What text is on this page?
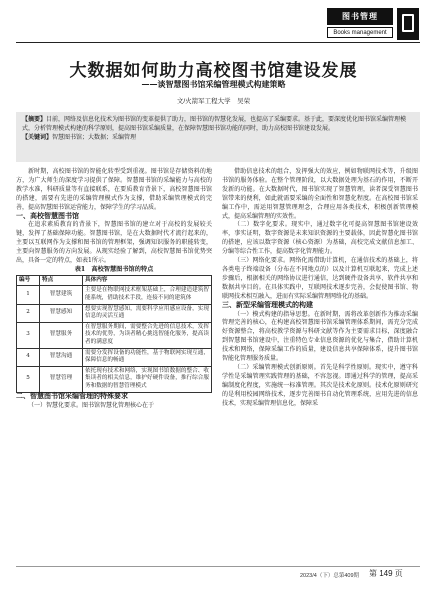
图书管理
Books management
大数据如何助力高校图书馆建设发展
——谈智慧图书馆采编管理模式构建策略
文/火箭军工程大学　吴荣
【摘要】目前，网络及信息化技术为图书馆的变革提供了助力，图书馆的智慧化发展，也提高了采编要求。基于此，要深度优化图书馆采编管理模式，分析管理模式构建的科学原则，提高图书馆采编质量，在保障智慧图书馆功能的同时，助力高校图书馆建设发展。
【关键词】智慧图书馆；大数据；采编管理

新时期，高校图书馆的智能化转型受到重视。图书馆是存储资料的地方，为广大师生的深度学习提供了保障。智慧图书馆的采编能力与高校的教学水准，科研质量等有直接联系，在要质教育背景下，高校智慧图书馆的搭建，需要有先进的采编管理模式作为支撑，借助采编管理模式的完善，提高智慧图书馆运营能力，保障学生的学习品质。

一、高校智慧图书馆

在追求素质教育的背景下，智慧图书馆的建立对于高校的发展较关键，发挥了基础保障功能。智慧图书馆，是在大数据时代才流行起来的，主要以互联网作为支撑和图书馆的管理框架，强调知识服务的职能转变，主要向智慧服务的方向发展。从现实经验了解到，高校智慧图书馆优势突出，具备一定的特点，如表1所示。

表1　高校智慧图书馆的特点

编号	特点	具体内容
1	智慧建筑	主要是在物联网技术框架基础上，合理建造建筑智能系统，借助技术手段，连接不同的建筑体
2	智慧感知	想要实现智慧感知，需要科学应用感应设备，实现信息的灵活互通
3	智慧服务	在智慧服务期间，需要整合先进的信息技术，发挥技术的优势，为读者精心挑选智能化服务，提高读者的满意度
4	智慧沟通	需要分发挥设备的功能性，基于物联网实现互通，保障信息的畅通
5	智慧管理	依托现有技术和网络，实现图书馆数据的整合、收集读者的相关信息，维护好硬件设备，推行综合服务和数据的智慧管理模式

二、智慧图书馆采编管理的特殊要求

（一）智慧化要求。图书馆智慧化管理核心在于

借助信息技术的组合，发挥强大的效应，例如物联网技术等，升级图书馆的服务体验。在整个管理阶段，以大数据处理为基石的作用，不断开发新的功能。在大数据时代，图书馆实现了智慧管理，读者深受智慧图书馆带来的便利，如此就需要采编的全面性和智慧化程度。在高校图书馆采编工作中，需运用智慧管理理念，合理应用各类技术，积极创新管理模式，提高采编管理的实效性。

（二）数字化要求。现实中，通过数字化可提高智慧图书馆建设效率，事实证明，数字资源是未来知识资源的主要载体，因此智慧化图书馆的搭建，应该以数字资源（核心资源）为基础，高校完成文献信息加工、分编等综合性工作，提高数字化管理能力。

（三）网络化要求。网络化需借助计算机，在通信技术的基础上，将各类电子终端设备（分布在不同地点的）以及计算机互联起来，完成上述步骤后，根据相关的网络协议进行通信，达到硬件设备共享、软件共享和数据共享目的。在具体实践中，互联网技术逐步完善，会促使图书馆、物联网技术相互融入，进而有实际采编管理网络化的基础。

三、新型采编管理模式的构建

（一）模式构建的指导思想。在新时期，需将改革创新作为推动采编管理完善的核心，在构建高校智慧图书馆采编管理体系期间，需充分完成好资源整合，将高校教学资源与科研文献等作为主要需求目标，深度融合到智慧图书馆建设中，注重特色专业信息资源的优化与集合，借助计算机技术和网络，保障采编工作的质量，建设信息共享保障体系，提升图书馆智能化管理服务质量。

（二）采编管理模式创新原则。首先是科学性原则。现实中，遵守科学性是采编管理实践管理的基础，不容忽视。即通过科学的管理，提高采编制度化程度，实施统一标准管理。其次是技术化原则。技术化原则研究的是利用校园网络技术，逐步完善图书自动化管理系统，应用先进的信息技术，实现采编管理信息化，保障采

2023/4（下）总第409期 第 149 页
